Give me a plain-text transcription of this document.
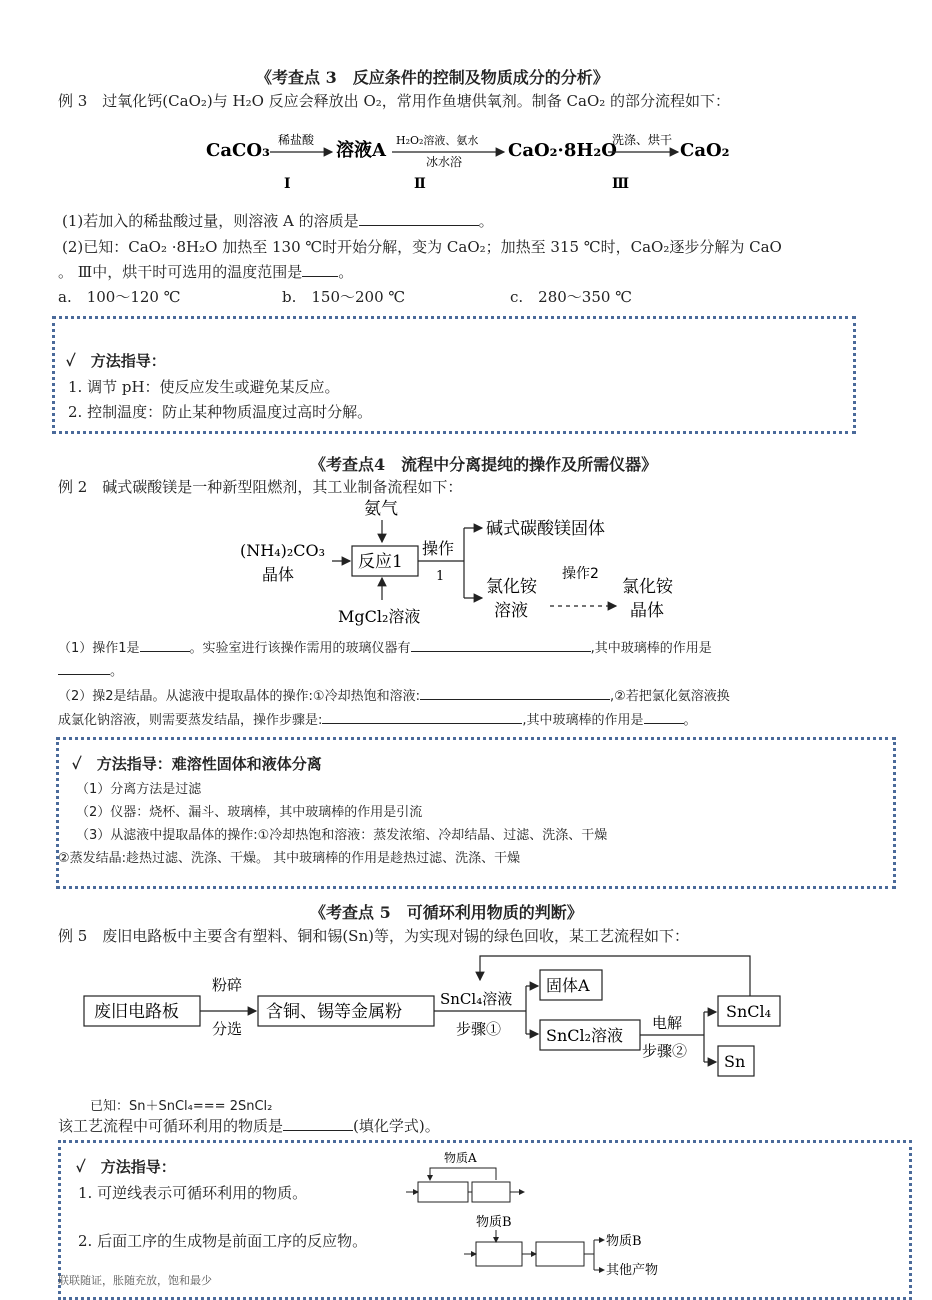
《考查点 3　反应条件的控制及物质成分的分析》
例 3　过氧化钙(CaO₂)与 H₂O 反应会释放出 O₂，常用作鱼塘供氧剂。制备 CaO₂ 的部分流程如下：
CaCO₃ 稀盐酸 溶液A H₂O₂溶液、氨水
冰水浴
CaO₂·8H₂O
洗涤、烘干 CaO₂
Ⅰ	Ⅱ	Ⅲ
(1)若加入的稀盐酸过量，则溶液 A 的溶质是	。
(2)已知：CaO₂ ·8H₂O 加热至 130 ℃时开始分解，变为 CaO₂；加热至 315 ℃时，CaO₂逐步分解为 CaO
。 Ⅲ中，烘干时可选用的温度范围是 。
a.　100～120 ℃	b.　150～200 ℃	c.　280～350 ℃
✓　 方法指导：
1. 调节 pH：使反应发生或避免某反应。
2. 控制温度：防止某种物质温度过高时分解。
《考查点4　流程中分离提纯的操作及所需仪器》
例 2　碱式碳酸镁是一种新型阻燃剂，其工业制备流程如下：
氨气
(NH₄)₂CO₃
晶体
反应1
MgCl₂溶液
操作
1
碱式碳酸镁固体
氯化铵
溶液
操作2
氯化铵
晶体
（1）操作1是	。实验室进行该操作需用的玻璃仪器有	,其中玻璃棒的作用是
。
（2）操2是结晶。从滤液中提取晶体的操作:①冷却热饱和溶液:	,②若把氯化氨溶液换
成氯化钠溶液，则需要蒸发结晶，操作步骤是:	,其中玻璃棒的作用是	。
✓　 方法指导：难溶性固体和液体分离
（1）分离方法是过滤
（2）仪器：烧杯、漏斗、玻璃棒，其中玻璃棒的作用是引流
（3）从滤液中提取晶体的操作:①冷却热饱和溶液：蒸发浓缩、冷却结晶、过滤、洗涤、干燥
②蒸发结晶:趁热过滤、洗涤、干燥。 其中玻璃棒的作用是趁热过滤、洗涤、干燥
《考查点 5　可循环利用物质的判断》
例 5　废旧电路板中主要含有塑料、铜和锡(Sn)等，为实现对锡的绿色回收，某工艺流程如下：
废旧电路板
粉碎
分选
含铜、锡等金属粉
SnCl₄溶液
步骤①
固体A
SnCl₂溶液
电解
步骤②
SnCl₄
Sn
已知：Sn＋SnCl₄=== 2SnCl₂
该工艺流程中可循环利用的物质是	(填化学式)。
✓　 方法指导：
1. 可逆线表示可循环利用的物质。
2. 后面工序的生成物是前面工序的反应物。
联联随证，胀随充放，饱和最少
物质A
物质B
物质B
其他产物
